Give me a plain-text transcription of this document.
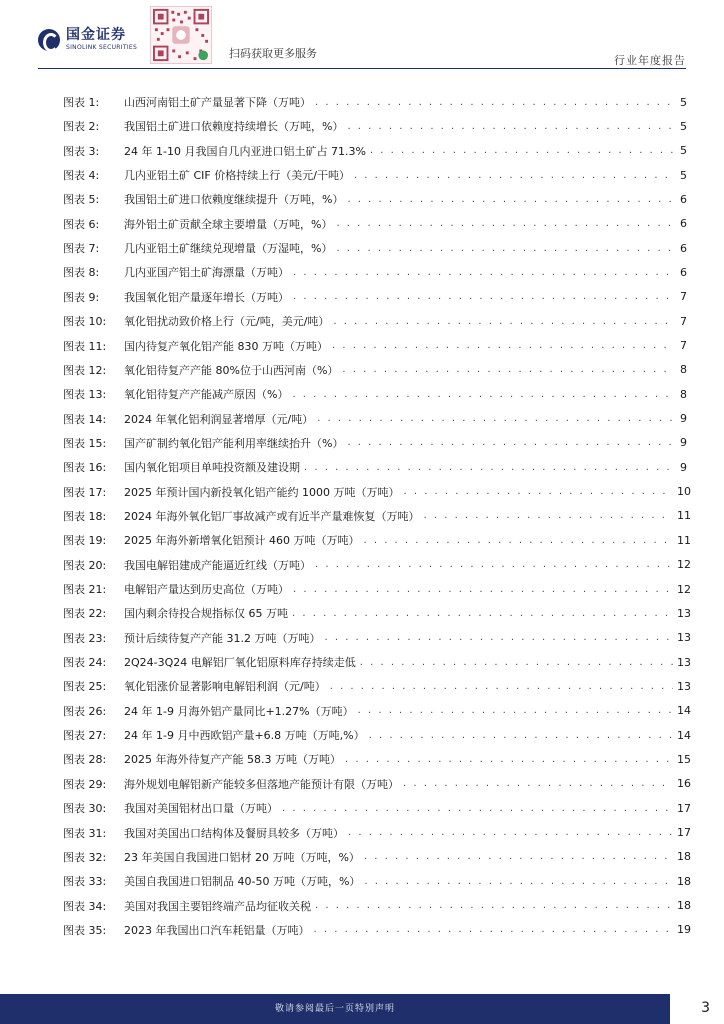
国金证券
SINOLINK SECURITIES	扫码获取更多服务
行业年度报告
图表 1:	山西河南铝土矿产量显著下降（万吨） . . .	5
图表 2:	我国铝土矿进口依赖度持续增长（万吨，%） . . .	5
图表 3:	24 年 1-10 月我国自几内亚进口铝土矿占 71.3% . . .	5
图表 4:	几内亚铝土矿 CIF 价格持续上行（美元/干吨） . . .	5
图表 5:	我国铝土矿进口依赖度继续提升（万吨，%） . . .	6
图表 6:	海外铝土矿贡献全球主要增量（万吨，%） . . .	6
图表 7:	几内亚铝土矿继续兑现增量（万湿吨，%） . . .	6
图表 8:	几内亚国产铝土矿海漂量（万吨） . . .	6
图表 9:	我国氧化铝产量逐年增长（万吨） . . .	7
图表 10:	氧化铝扰动致价格上行（元/吨，美元/吨） . . .	7
图表 11:	国内待复产氧化铝产能 830 万吨（万吨） . . .	7
图表 12:	氧化铝待复产产能 80%位于山西河南（%） . . .	8
图表 13:	氧化铝待复产产能减产原因（%） . . .	8
图表 14:	2024 年氧化铝利润显著增厚（元/吨） . . .	9
图表 15:	国产矿制约氧化铝产能利用率继续抬升（%） . . .	9
图表 16:	国内氧化铝项目单吨投资额及建设期 . . .	9
图表 17:	2025 年预计国内新投氧化铝产能约 1000 万吨（万吨） . . .	10
图表 18:	2024 年海外氧化铝厂事故减产或有近半产量难恢复（万吨） . . .	11
图表 19:	2025 年海外新增氧化铝预计 460 万吨（万吨） . . .	11
图表 20:	我国电解铝建成产能逼近红线（万吨） . . .	12
图表 21:	电解铝产量达到历史高位（万吨） . . .	12
图表 22:	国内剩余待投合规指标仅 65 万吨 . . .	13
图表 23:	预计后续待复产产能 31.2 万吨（万吨） . . .	13
图表 24:	2Q24-3Q24 电解铝厂氧化铝原料库存持续走低 . . .	13
图表 25:	氧化铝涨价显著影响电解铝利润（元/吨） . . .	13
图表 26:	24 年 1-9 月海外铝产量同比+1.27%（万吨） . . .	14
图表 27:	24 年 1-9 月中西欧铝产量+6.8 万吨（万吨,%） . . .	14
图表 28:	2025 年海外待复产产能 58.3 万吨（万吨） . . .	15
图表 29:	海外规划电解铝新产能较多但落地产能预计有限（万吨） . . .	16
图表 30:	我国对美国铝材出口量（万吨） . . .	17
图表 31:	我国对美国出口结构体及餐厨具较多（万吨） . . .	17
图表 32:	23 年美国自我国进口铝材 20 万吨（万吨，%） . . .	18
图表 33:	美国自我国进口铝制品 40-50 万吨（万吨，%） . . .	18
图表 34:	美国对我国主要铝终端产品均征收关税 . . .	18
图表 35:	2023 年我国出口汽车耗铝量（万吨） . . .	19
敬请参阅最后一页特别声明	3
